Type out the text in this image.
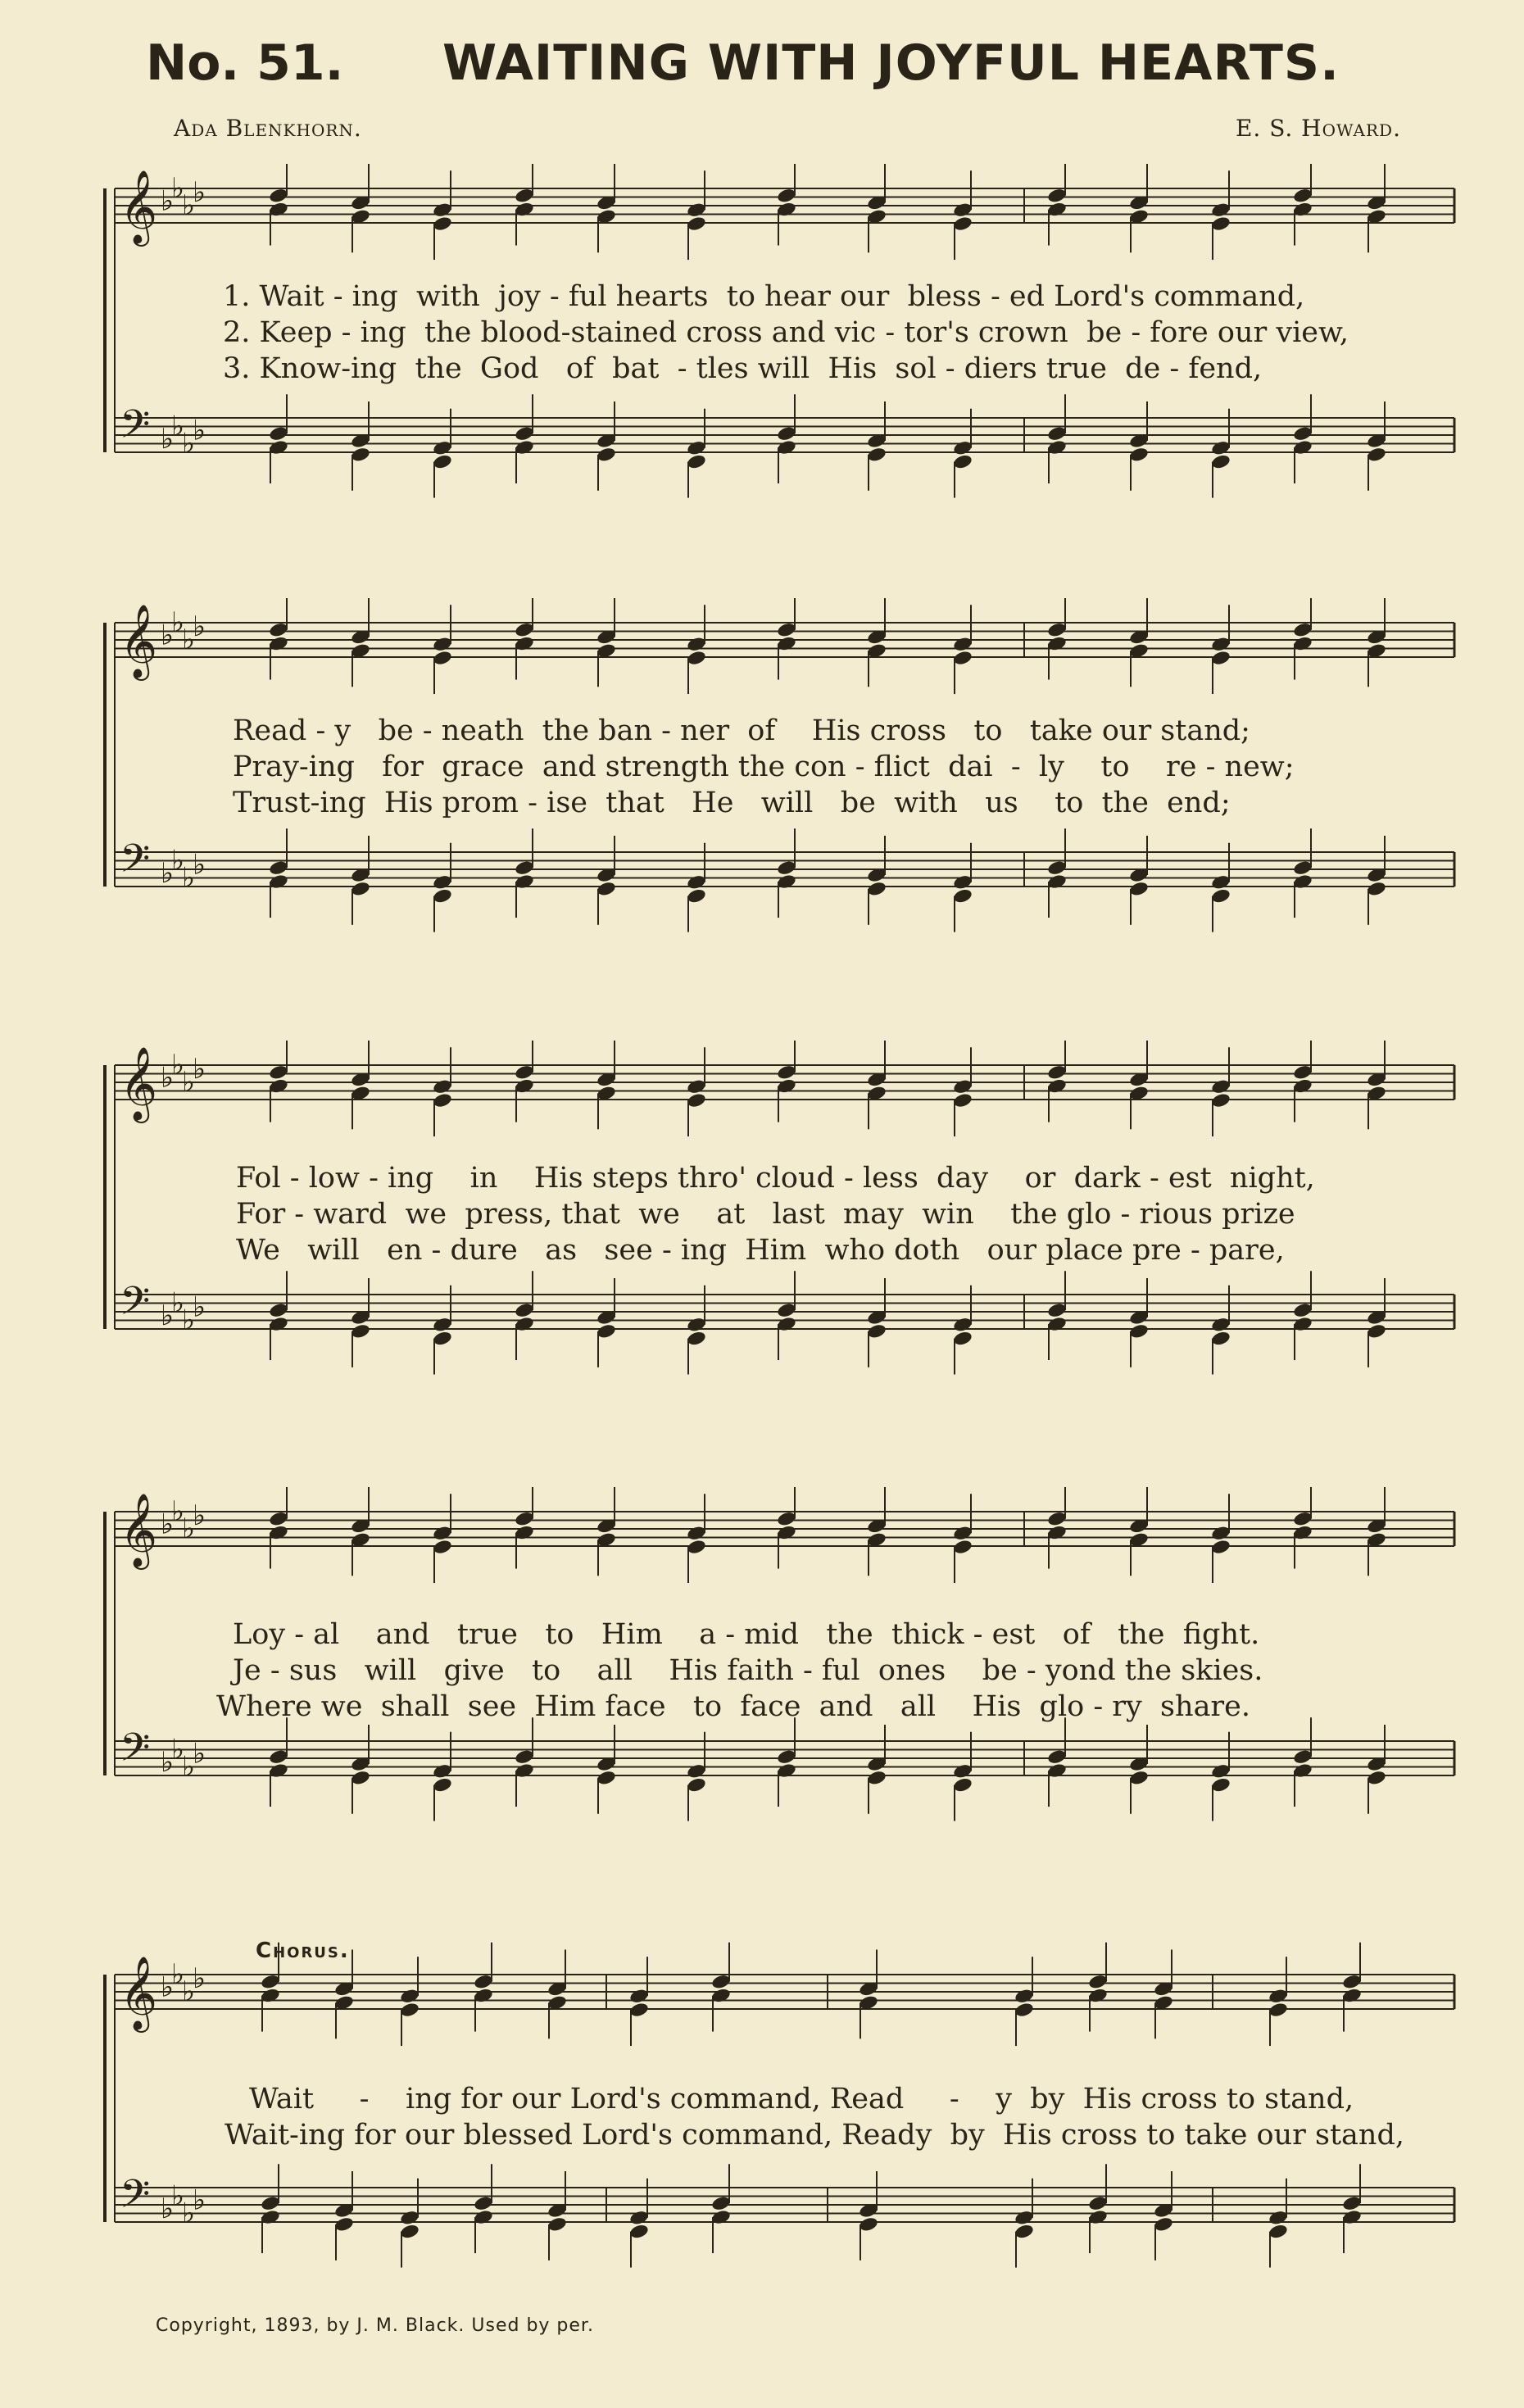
No. 51. WAITING WITH JOYFUL HEARTS.
Ada Blenkhorn.	E. S. Howard.
𝄞 ♭
♭
♭
♭
𝄢 ♭
♭
♭
♭
1. Wait - ing  with  joy - ful hearts  to hear our  bless - ed Lord's command,
2. Keep - ing  the blood-stained cross and vic - tor's crown  be - fore our view,
3. Know-ing  the  God   of  bat  - tles will  His  sol - diers true  de - fend,
𝄞 ♭
♭
♭
♭
𝄢 ♭
♭
♭
♭
Read - y   be - neath  the ban - ner  of    His cross   to   take our stand;
Pray-ing   for  grace  and strength the con - flict  dai  -  ly    to    re - new;
Trust-ing  His prom - ise  that   He   will   be  with   us    to  the  end;
𝄞 ♭
♭
♭
♭
𝄢 ♭
♭
♭
♭
Fol - low - ing    in    His steps thro' cloud - less  day    or  dark - est  night,
For - ward  we  press, that  we    at   last  may  win    the glo - rious prize
We   will   en - dure   as   see - ing  Him  who doth   our place pre - pare,
𝄞 ♭
♭
♭
♭
𝄢 ♭
♭
♭
♭
Loy - al    and   true   to   Him    a - mid   the  thick - est   of   the  fight.
Je - sus   will   give   to    all    His faith - ful  ones    be - yond the skies.
Where we  shall  see  Him face   to  face  and   all    His  glo - ry  share.
𝄞 ♭
♭
♭
♭
𝄢 ♭
♭
♭
♭
Chorus.
Wait     -    ing for our Lord's command, Read     -    y  by  His cross to stand,
Wait-ing for our blessed Lord's command, Ready  by  His cross to take our stand,
Copyright, 1893, by J. M. Black. Used by per.
